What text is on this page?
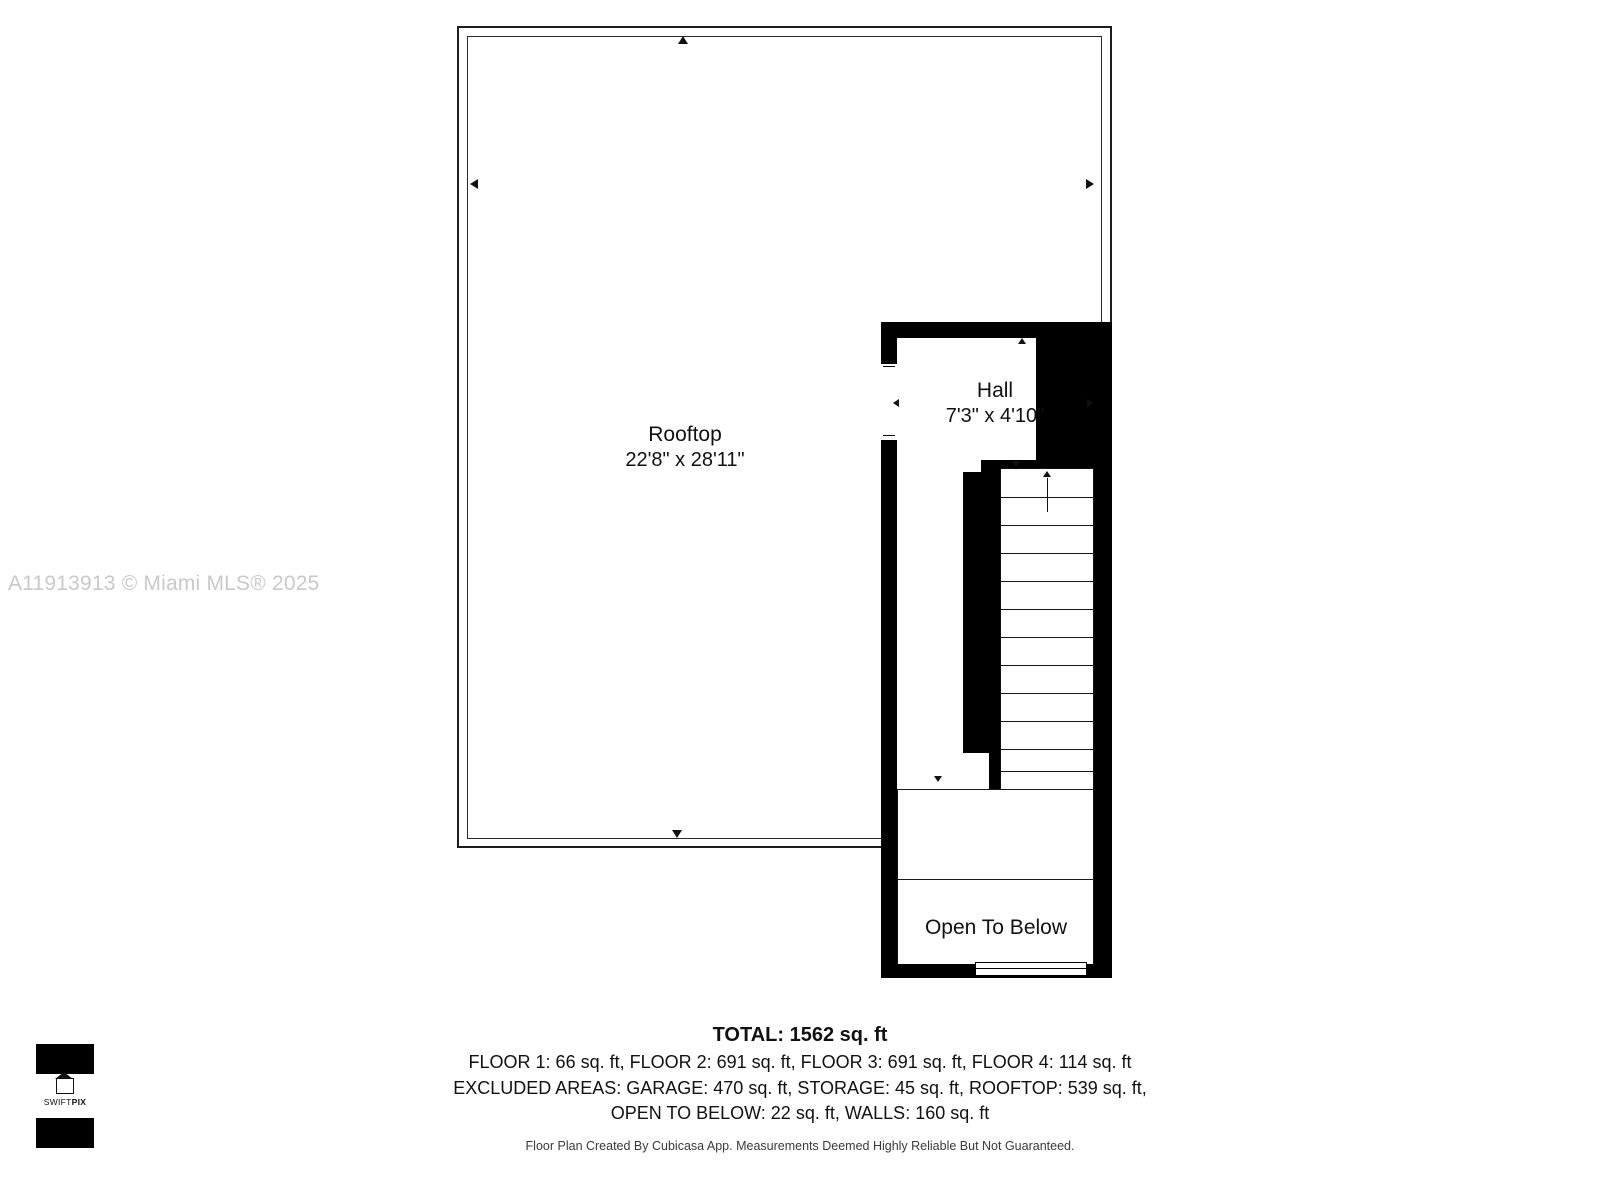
A11913913 © Miami MLS® 2025
Rooftop
22'8" x 28'11"
Hall
7'3" x 4'10"
Open To Below
TOTAL: 1562 sq. ft
FLOOR 1: 66 sq. ft, FLOOR 2: 691 sq. ft, FLOOR 3: 691 sq. ft, FLOOR 4: 114 sq. ft
EXCLUDED AREAS: GARAGE: 470 sq. ft, STORAGE: 45 sq. ft, ROOFTOP: 539 sq. ft,
OPEN TO BELOW: 22 sq. ft, WALLS: 160 sq. ft
Floor Plan Created By Cubicasa App. Measurements Deemed Highly Reliable But Not Guaranteed.
SWIFTPIX
